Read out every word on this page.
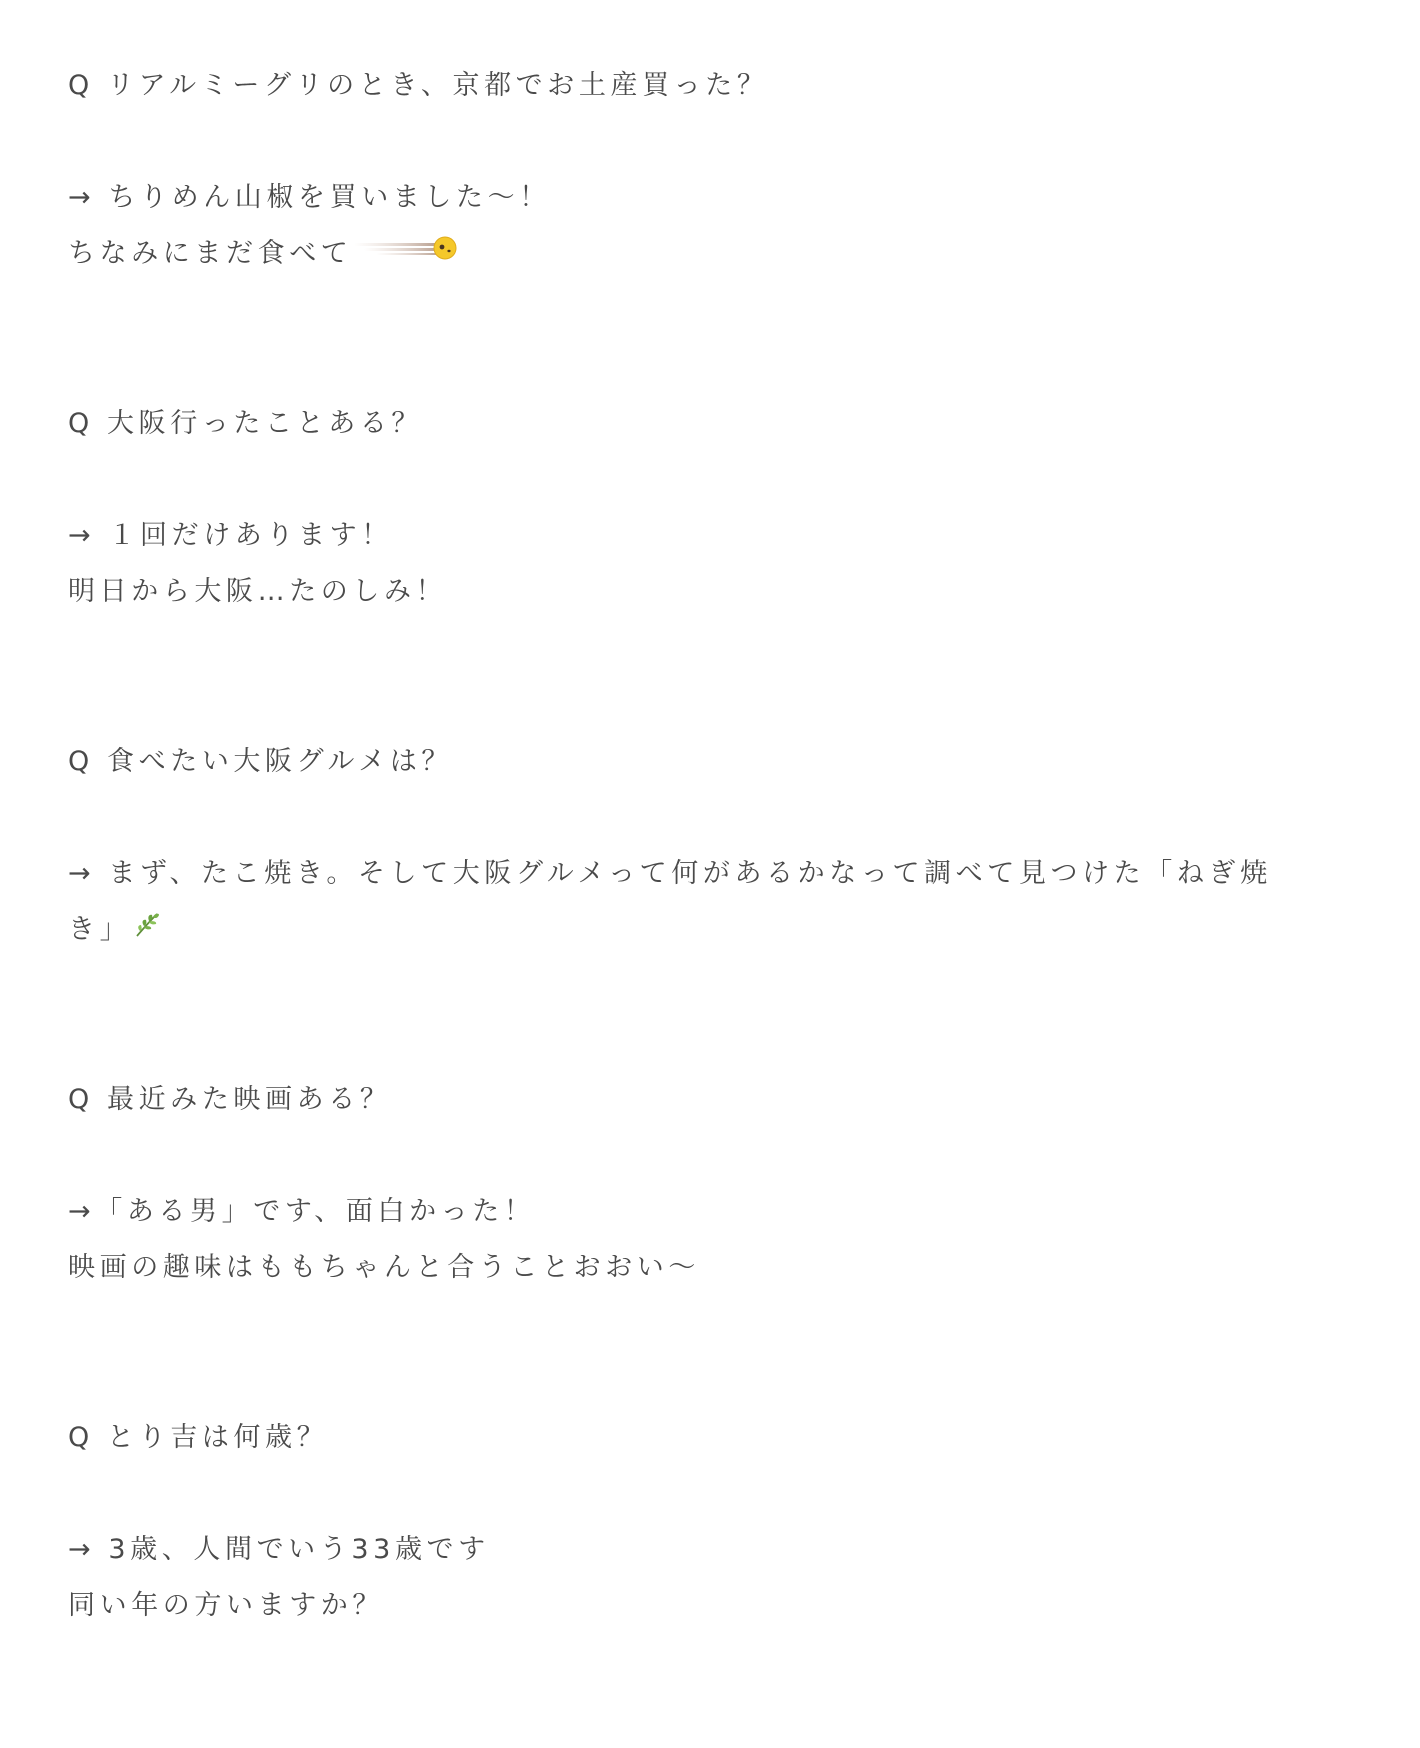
Q リアルミーグリのとき、京都でお土産買った？
→ ちりめん山椒を買いました〜！
ちなみにまだ食べて
Q 大阪行ったことある？
→ １回だけあります！
明日から大阪…たのしみ！
Q 食べたい大阪グルメは？
→ まず、たこ焼き。そして大阪グルメって何があるかなって調べて見つけた「ねぎ焼
き」
Q 最近みた映画ある？
→「ある男」です、面白かった！
映画の趣味はももちゃんと合うことおおい〜
Q とり吉は何歳？
→ 3歳、人間でいう33歳です
同い年の方いますか？
